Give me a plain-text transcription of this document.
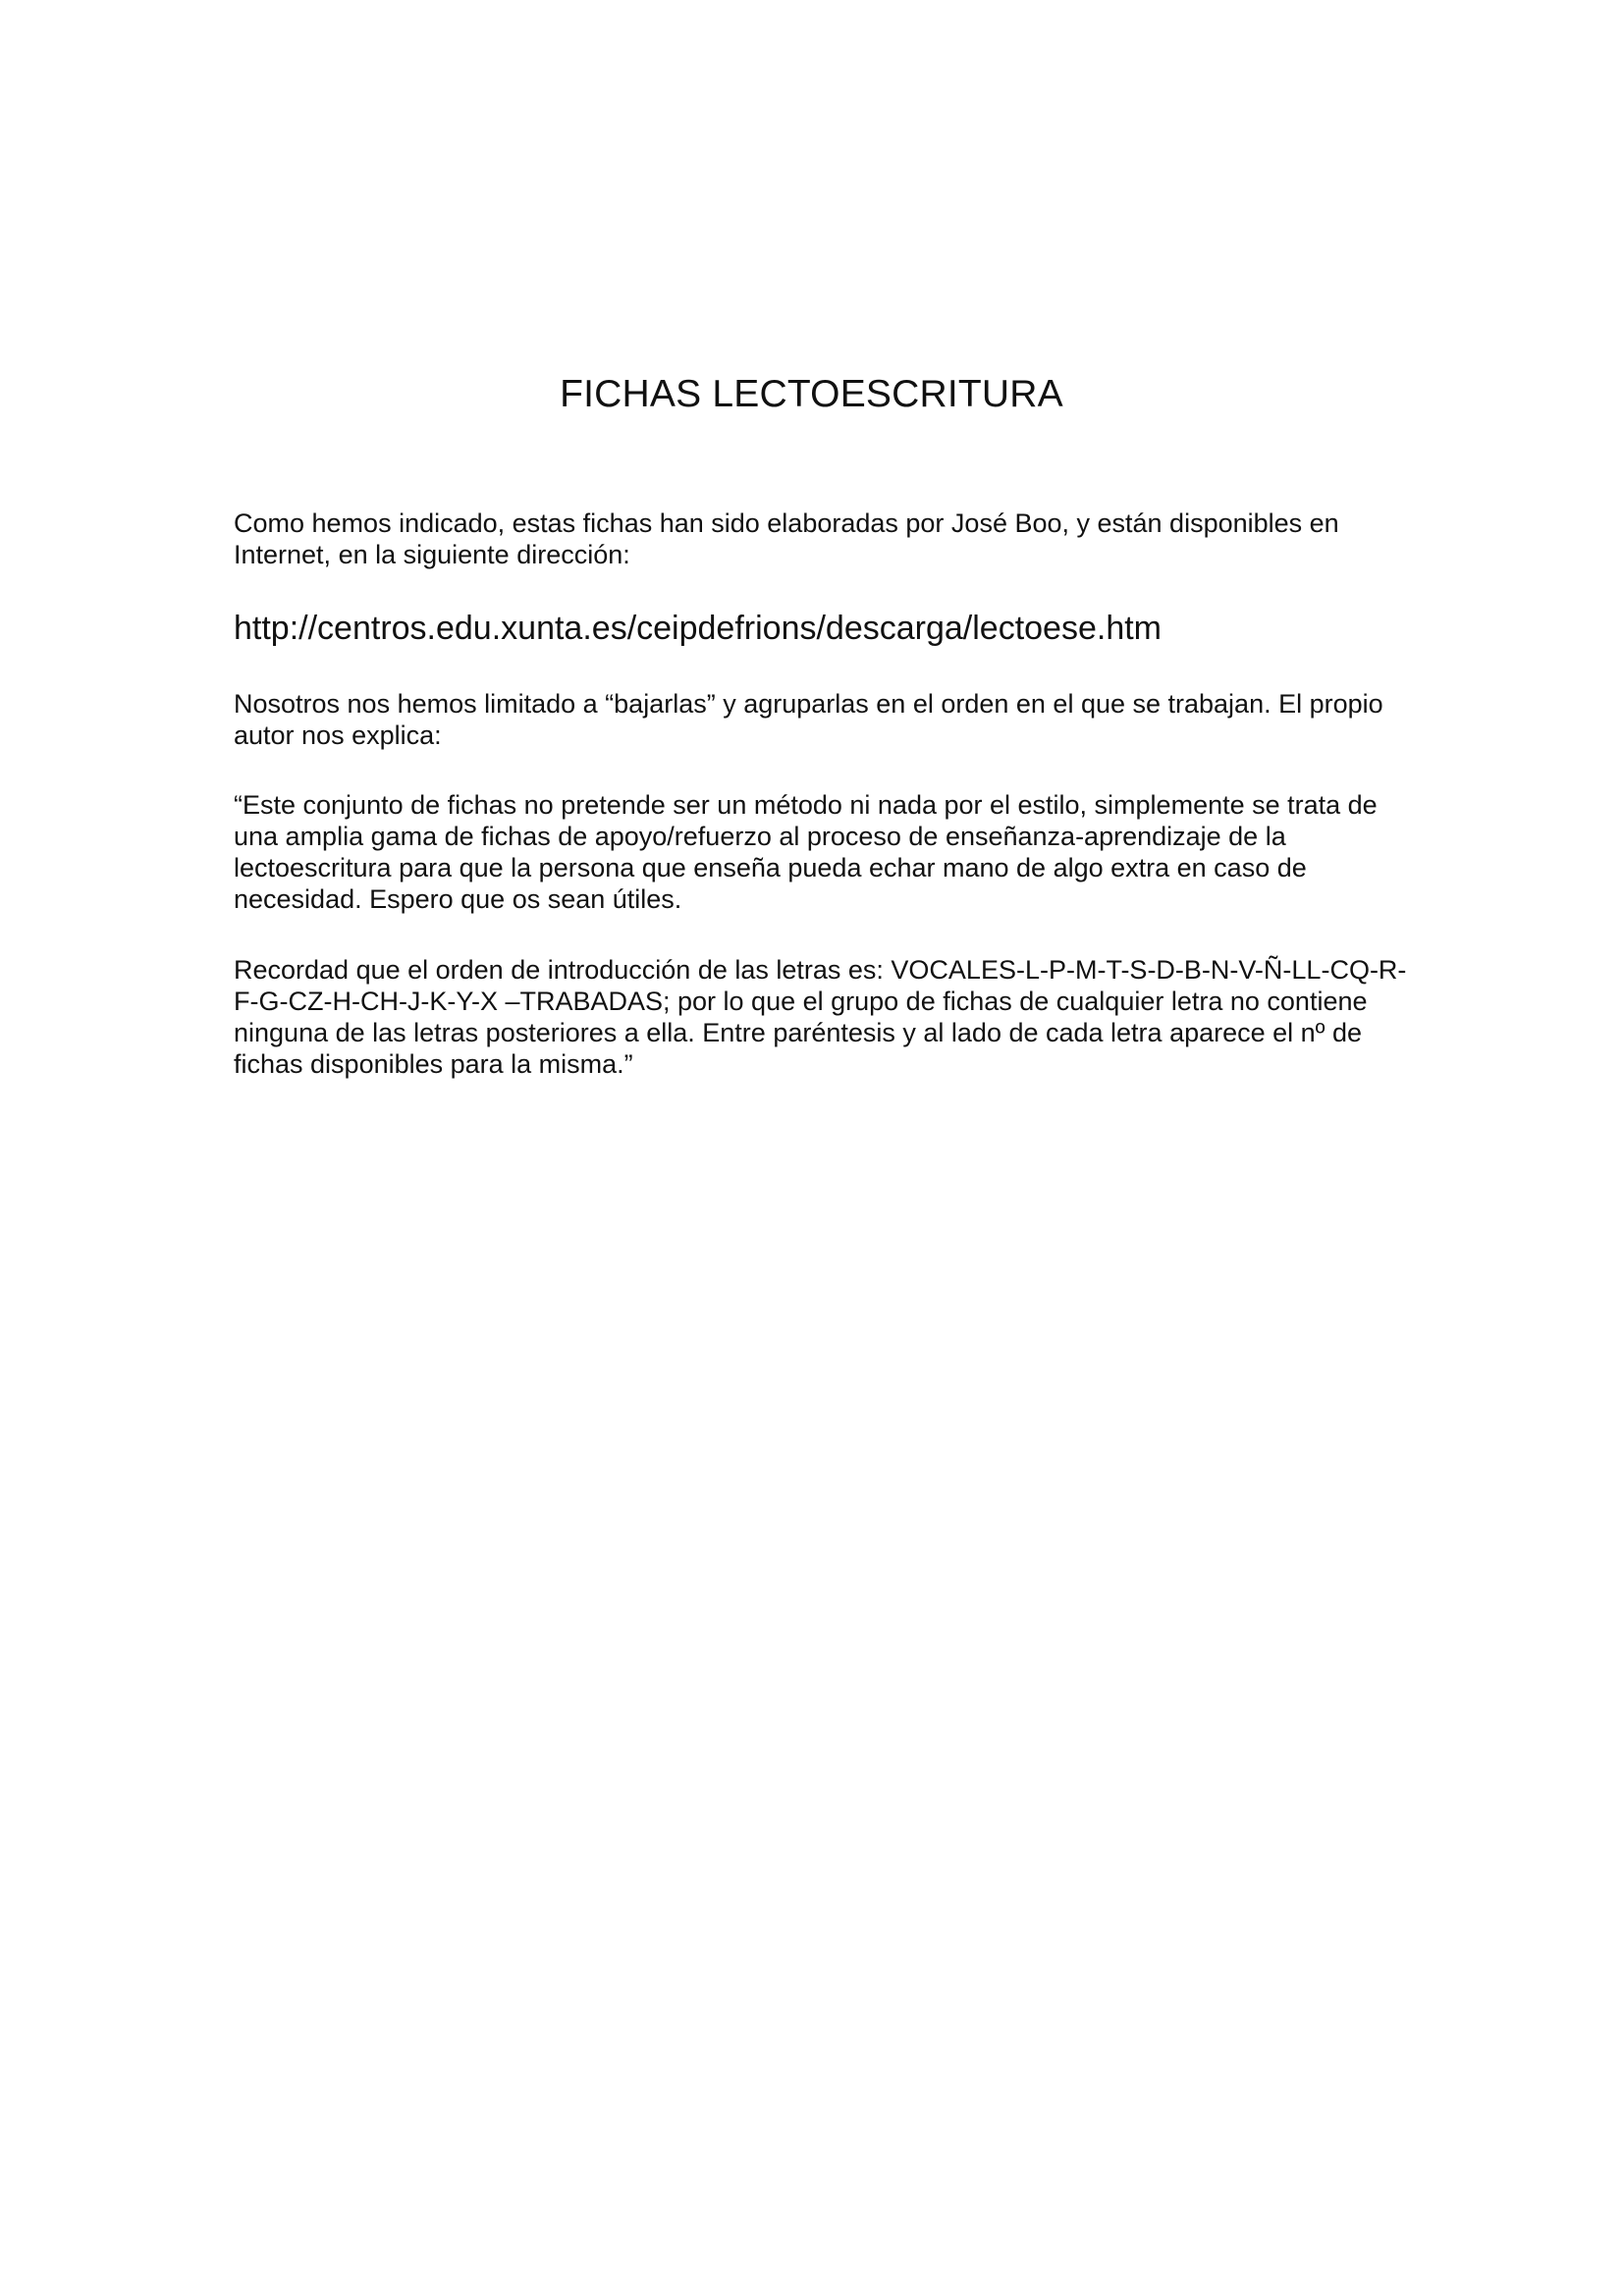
FICHAS LECTOESCRITURA

Como hemos indicado, estas fichas han sido elaboradas por José Boo, y están disponibles en Internet, en la siguiente dirección:

http://centros.edu.xunta.es/ceipdefrions/descarga/lectoese.htm

Nosotros nos hemos limitado a “bajarlas” y agruparlas en el orden en el que se trabajan. El propio autor nos explica:

“Este conjunto de fichas no pretende ser un método ni nada por el estilo, simplemente se trata de una amplia gama de fichas de apoyo/refuerzo al proceso de enseñanza-aprendizaje de la lectoescritura para que la persona que enseña pueda echar mano de algo extra en caso de necesidad. Espero que os sean útiles.

Recordad que el orden de introducción de las letras es: VOCALES-L-P-M-T-S-D-B-N-V-Ñ-LL-CQ-R-F-G-CZ-H-CH-J-K-Y-X –TRABADAS; por lo que el grupo de fichas de cualquier letra no contiene ninguna de las letras posteriores a ella. Entre paréntesis y al lado de cada letra aparece el nº de fichas disponibles para la misma.”
